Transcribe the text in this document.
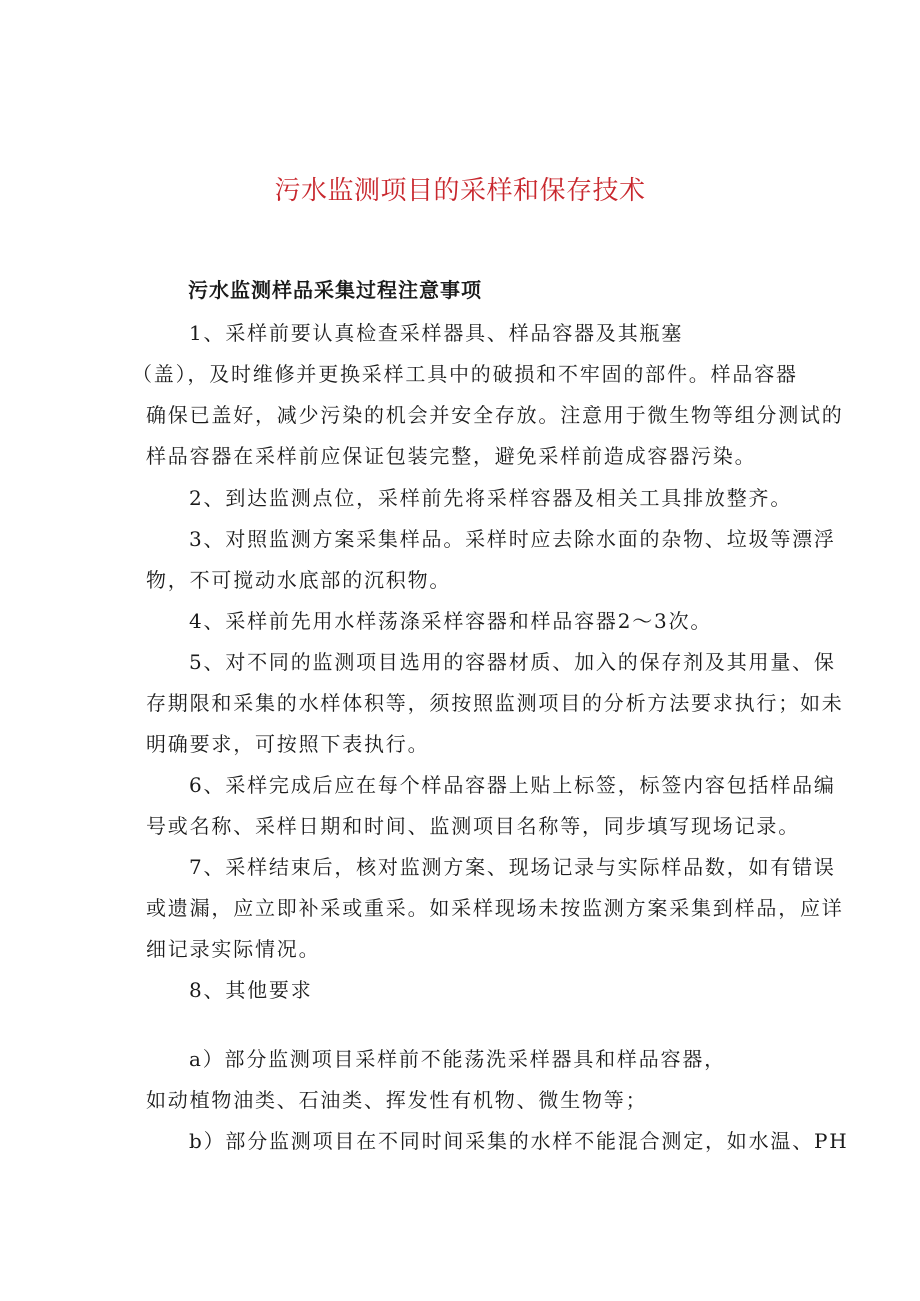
污水监测项目的采样和保存技术
污水监测样品采集过程注意事项
1、采样前要认真检查采样器具、样品容器及其瓶塞
（盖），及时维修并更换采样工具中的破损和不牢固的部件。样品容器
确保已盖好，减少污染的机会并安全存放。注意用于微生物等组分测试的
样品容器在采样前应保证包装完整，避免采样前造成容器污染。
2、到达监测点位，采样前先将采样容器及相关工具排放整齐。
3、对照监测方案采集样品。采样时应去除水面的杂物、垃圾等漂浮
物，不可搅动水底部的沉积物。
4、采样前先用水样荡涤采样容器和样品容器2～3次。
5、对不同的监测项目选用的容器材质、加入的保存剂及其用量、保
存期限和采集的水样体积等，须按照监测项目的分析方法要求执行；如未
明确要求，可按照下表执行。
6、采样完成后应在每个样品容器上贴上标签，标签内容包括样品编
号或名称、采样日期和时间、监测项目名称等，同步填写现场记录。
7、采样结束后，核对监测方案、现场记录与实际样品数，如有错误
或遗漏，应立即补采或重采。如采样现场未按监测方案采集到样品，应详
细记录实际情况。
8、其他要求
a）部分监测项目采样前不能荡洗采样器具和样品容器，
如动植物油类、石油类、挥发性有机物、微生物等；
b）部分监测项目在不同时间采集的水样不能混合测定，如水温、PH
